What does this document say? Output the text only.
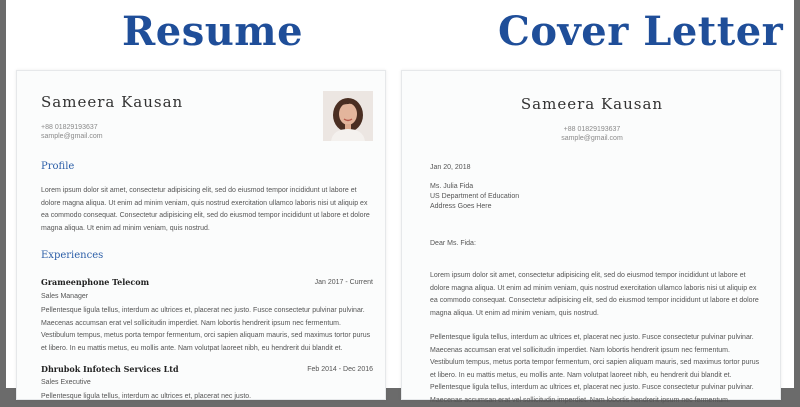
Resume	Cover Letter
Sameera Kausan
+88 01829193637
sample@gmail.com
Profile
Lorem ipsum dolor sit amet, consectetur adipisicing elit, sed do eiusmod tempor incididunt ut labore et dolore magna aliqua. Ut enim ad minim veniam, quis nostrud exercitation ullamco laboris nisi ut aliquip ex ea commodo consequat. Consectetur adipisicing elit, sed do eiusmod tempor incididunt ut labore et dolore magna aliqua. Ut enim ad minim veniam, quis nostrud.
Experiences
Grameenphone Telecom	Jan 2017 - Current
Sales Manager
Pellentesque ligula tellus, interdum ac ultrices et, placerat nec justo. Fusce consectetur pulvinar pulvinar. Maecenas accumsan erat vel sollicitudin imperdiet. Nam lobortis hendrerit ipsum nec fermentum. Vestibulum tempus, metus porta tempor fermentum, orci sapien aliquam mauris, sed maximus tortor purus et libero. In eu mattis metus, eu mollis ante. Nam volutpat laoreet nibh, eu hendrerit dui blandit et.
Dhrubok Infotech Services Ltd	Feb 2014 - Dec 2016
Sales Executive
Pellentesque ligula tellus, interdum ac ultrices et, placerat nec justo.
Sameera Kausan
+88 01829193637
sample@gmail.com
Jan 20, 2018
Ms. Julia Fida
US Department of Education
Address Goes Here
Dear Ms. Fida:
Lorem ipsum dolor sit amet, consectetur adipisicing elit, sed do eiusmod tempor incididunt ut labore et dolore magna aliqua. Ut enim ad minim veniam, quis nostrud exercitation ullamco laboris nisi ut aliquip ex ea commodo consequat. Consectetur adipisicing elit, sed do eiusmod tempor incididunt ut labore et dolore magna aliqua. Ut enim ad minim veniam, quis nostrud.
Pellentesque ligula tellus, interdum ac ultrices et, placerat nec justo. Fusce consectetur pulvinar pulvinar. Maecenas accumsan erat vel sollicitudin imperdiet. Nam lobortis hendrerit ipsum nec fermentum. Vestibulum tempus, metus porta tempor fermentum, orci sapien aliquam mauris, sed maximus tortor purus et libero. In eu mattis metus, eu mollis ante. Nam volutpat laoreet nibh, eu hendrerit dui blandit et. Pellentesque ligula tellus, interdum ac ultrices et, placerat nec justo. Fusce consectetur pulvinar pulvinar. Maecenas accumsan erat vel sollicitudin imperdiet. Nam lobortis hendrerit ipsum nec fermentum.
